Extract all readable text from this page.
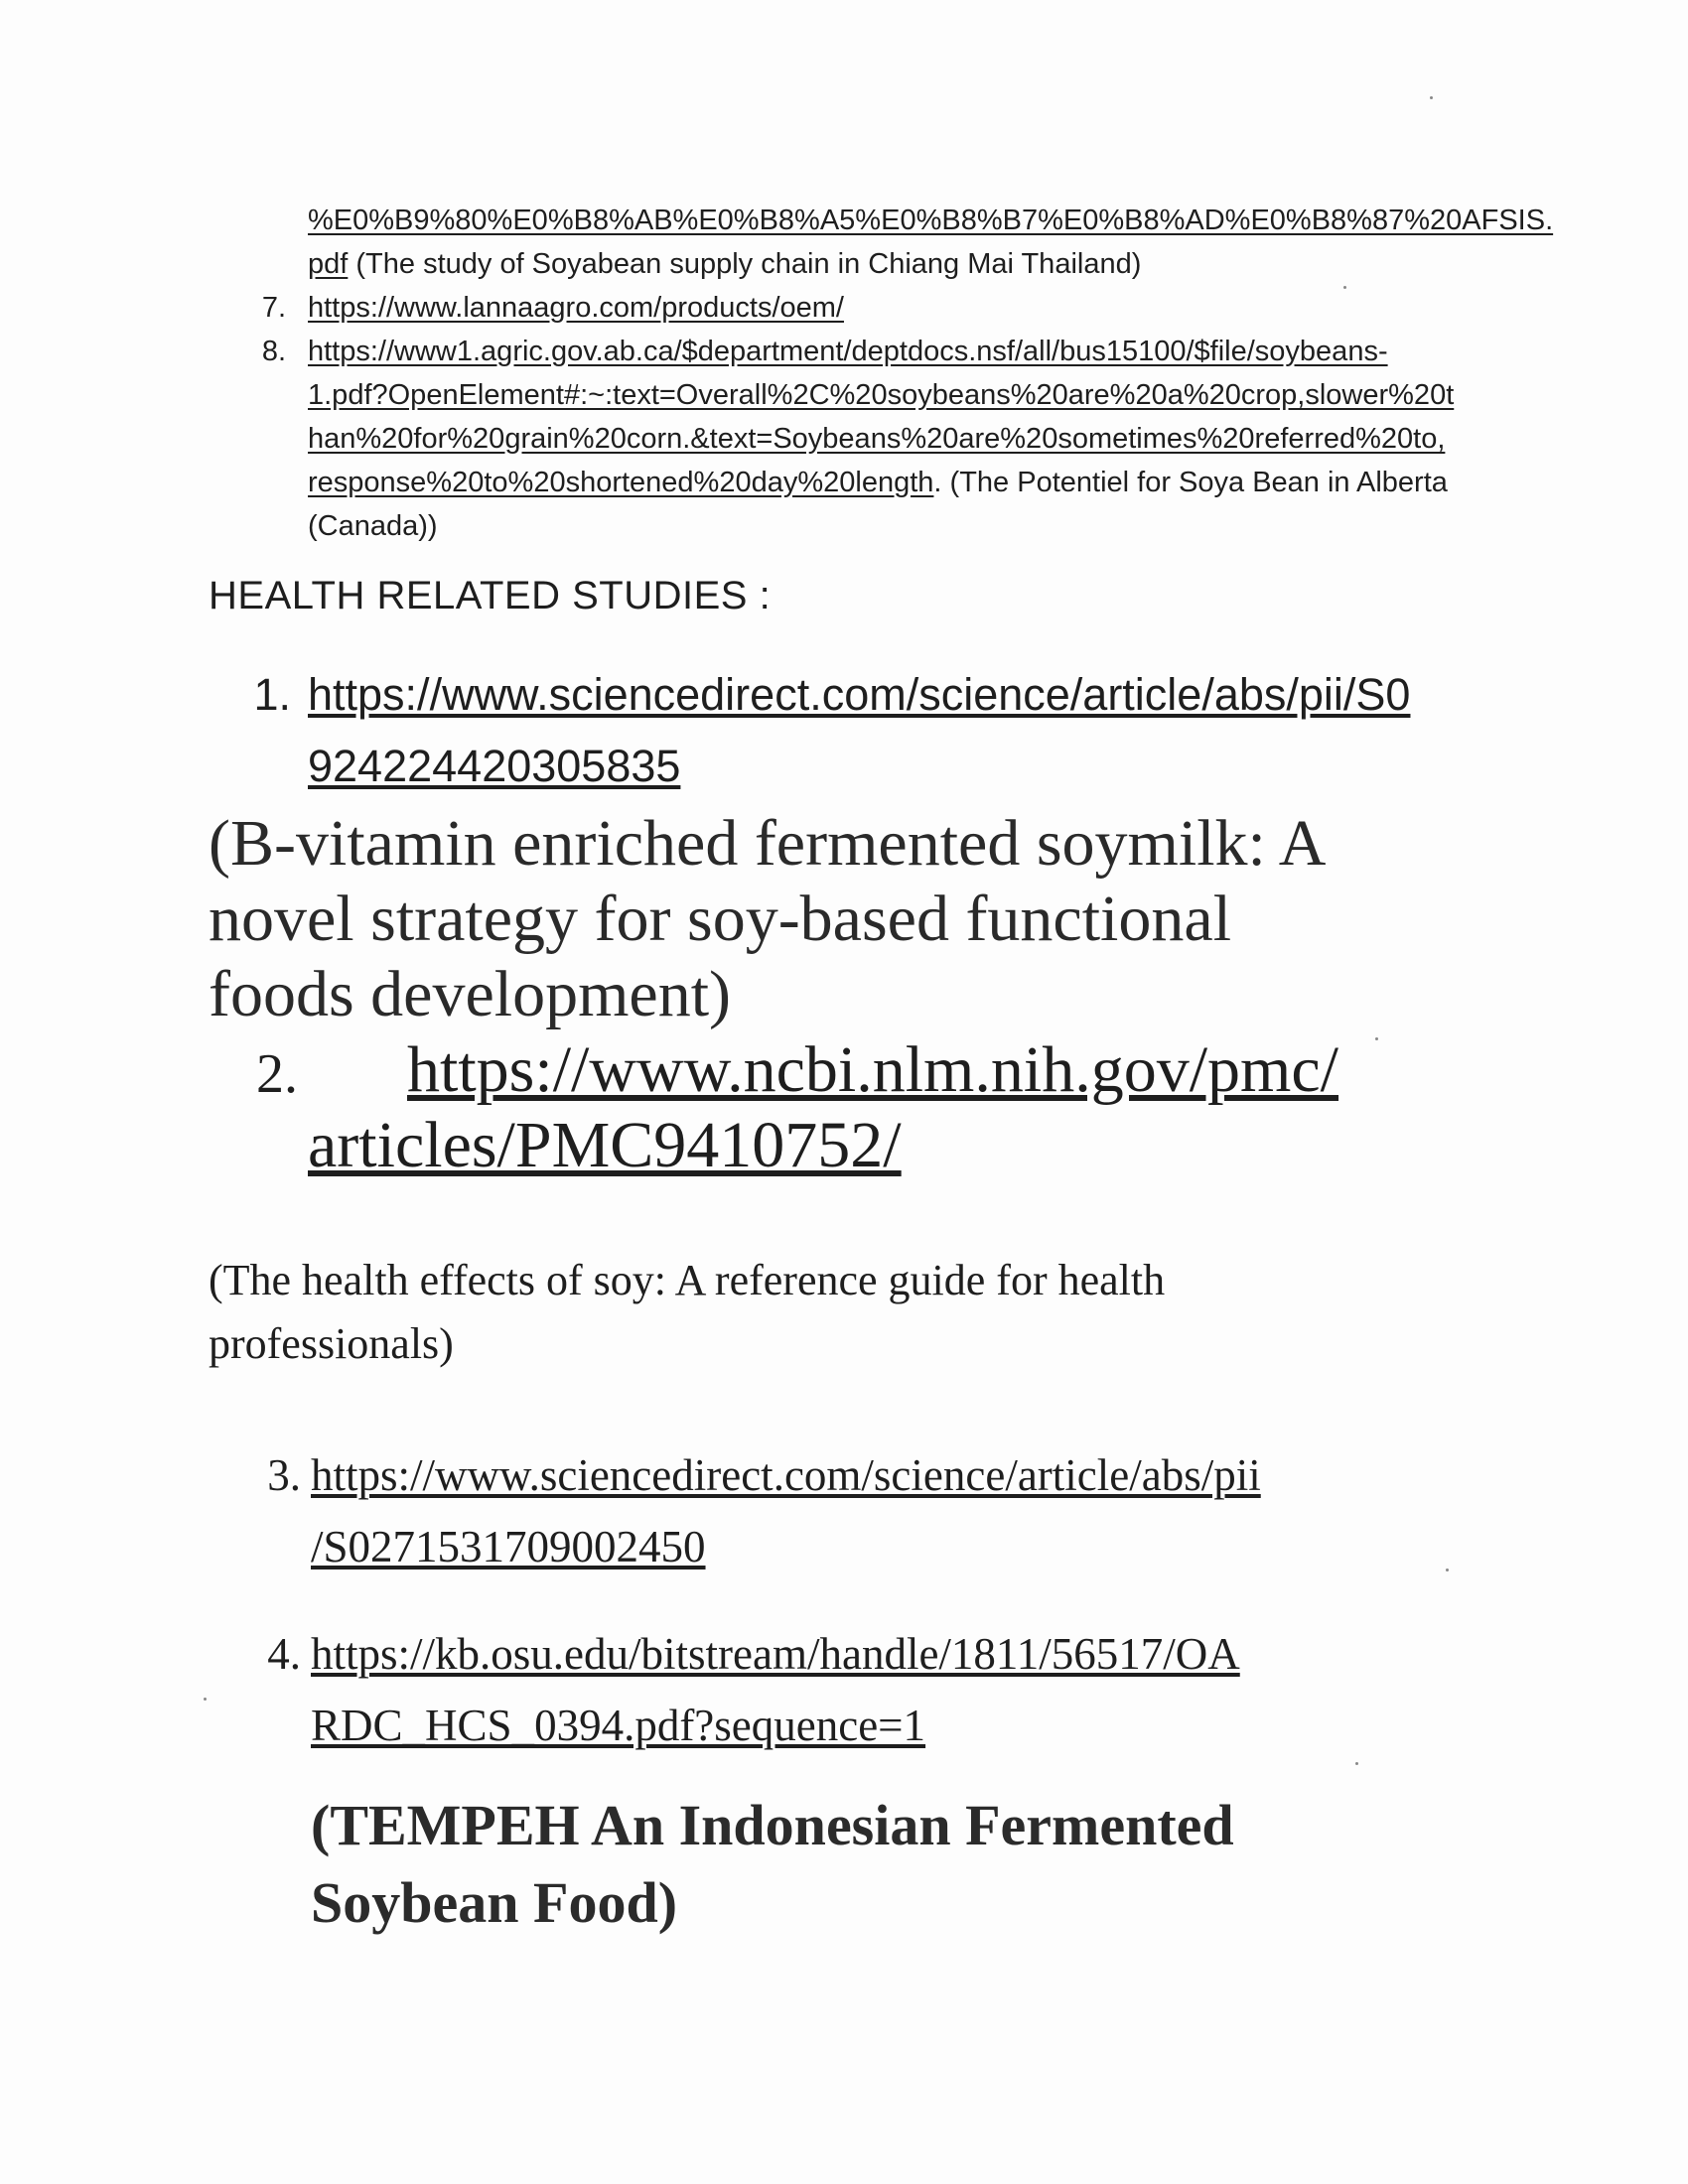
%E0%B9%80%E0%B8%AB%E0%B8%A5%E0%B8%B7%E0%B8%AD%E0%B8%87%20AFSIS.
pdf (The study of Soyabean supply chain in Chiang Mai Thailand)
7. https://www.lannaagro.com/products/oem/
8. https://www1.agric.gov.ab.ca/$department/deptdocs.nsf/all/bus15100/$file/soybeans-
1.pdf?OpenElement#:~:text=Overall%2C%20soybeans%20are%20a%20crop,slower%20t
han%20for%20grain%20corn.&text=Soybeans%20are%20sometimes%20referred%20to,
response%20to%20shortened%20day%20length. (The Potentiel for Soya Bean in Alberta
(Canada))
HEALTH RELATED STUDIES :
1. https://www.sciencedirect.com/science/article/abs/pii/S0
924224420305835
(B-vitamin enriched fermented soymilk: A
novel strategy for soy-based functional
foods development)
2. https://www.ncbi.nlm.nih.gov/pmc/
articles/PMC9410752/
(The health effects of soy: A reference guide for health
professionals)
3. https://www.sciencedirect.com/science/article/abs/pii
/S0271531709002450
4. https://kb.osu.edu/bitstream/handle/1811/56517/OA
RDC_HCS_0394.pdf?sequence=1
(TEMPEH An Indonesian Fermented
Soybean Food)
